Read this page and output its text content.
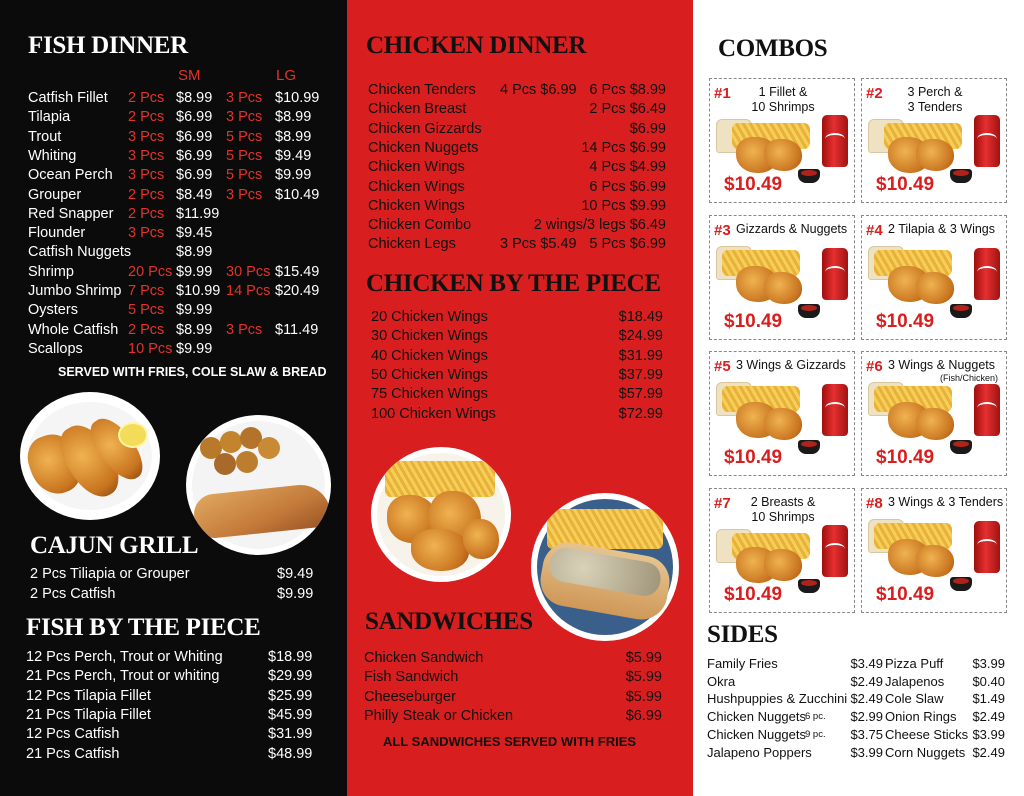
FISH DINNER
SM	LG
Catfish Fillet 2 Pcs $8.99 3 Pcs $10.99
Tilapia	2 Pcs $6.99 3 Pcs $8.99
Trout	3 Pcs $6.99 5 Pcs $8.99
Whiting	3 Pcs $6.99 5 Pcs $9.49
Ocean Perch 3 Pcs $6.99 5 Pcs $9.99
Grouper	2 Pcs $8.49 3 Pcs $10.49
Red Snapper 2 Pcs $11.99
Flounder	3 Pcs $9.45
Catfish Nuggets	$8.99
Shrimp	20 Pcs $9.99 30 Pcs $15.49
Jumbo Shrimp 7 Pcs $10.99 14 Pcs $20.49
Oysters	5 Pcs $9.99
Whole Catfish 2 Pcs $8.99 3 Pcs $11.49
Scallops	10 Pcs $9.99
SERVED WITH FRIES, COLE SLAW & BREAD
CAJUN GRILL
2 Pcs Tiliapia or Grouper	$9.49
2 Pcs Catfish	$9.99
FISH BY THE PIECE
12 Pcs Perch, Trout or Whiting	$18.99
21 Pcs Perch, Trout or whiting	$29.99
12 Pcs Tilapia Fillet	$25.99
21 Pcs Tilapia Fillet	$45.99
12 Pcs Catfish	$31.99
21 Pcs Catfish	$48.99
CHICKEN DINNER
Chicken Tenders 4 Pcs $6.99 6 Pcs $8.99
Chicken Breast	2 Pcs $6.49
Chicken Gizzards	$6.99
Chicken Nuggets	14 Pcs $6.99
Chicken Wings	4 Pcs $4.99
Chicken Wings	6 Pcs $6.99
Chicken Wings	10 Pcs $9.99
Chicken Combo	2 wings/3 legs $6.49
Chicken Legs	3 Pcs $5.49 5 Pcs $6.99
CHICKEN BY THE PIECE
20 Chicken Wings	$18.49
30 Chicken Wings	$24.99
40 Chicken Wings	$31.99
50 Chicken Wings	$37.99
75 Chicken Wings	$57.99
100 Chicken Wings	$72.99
SANDWICHES
Chicken Sandwich	$5.99
Fish Sandwich	$5.99
Cheeseburger	$5.99
Philly Steak or Chicken	$6.99
ALL SANDWICHES SERVED WITH FRIES
COMBOS
#1	1 Fillet &
10 Shrimps
$10.49
#2	3 Perch &
3 Tenders
$10.49
#3 Gizzards & Nuggets
$10.49
#4 2 Tilapia & 3 Wings
$10.49
#5 3 Wings & Gizzards
$10.49
#6 3 Wings & Nuggets
(Fish/Chicken)
$10.49
#7	2 Breasts &
10 Shrimps
$10.49
#8 3 Wings & 3 Tenders
$10.49
SIDES
Family Fries	$3.49
Okra	$2.49
Hushpuppies & Zucchini $2.49
Chicken Nuggets 6 pc. $2.99
Chicken Nuggets 9 pc. $3.75
Jalapeno Poppers	$3.99
Pizza Puff $3.99
Jalapenos $0.40
Cole Slaw $1.49
Onion Rings $2.49
Cheese Sticks $3.99
Corn Nuggets $2.49
